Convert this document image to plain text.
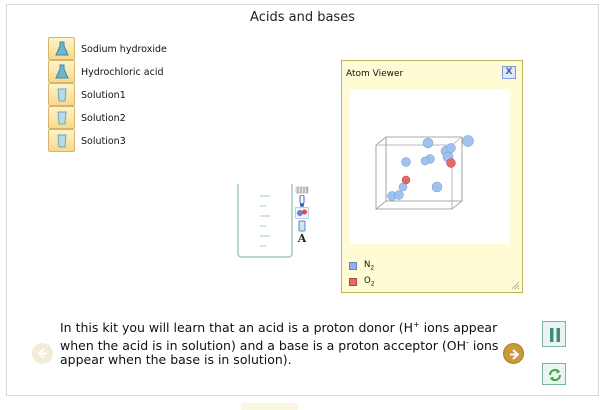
Acids and bases
Sodium hydroxide
Hydrochloric acid
Solution1
Solution2
Solution3
A
Atom Viewer	X
$N_2$
$O_2$
In this kit you will learn that an acid is a proton donor (H+ ions appear when the acid is in solution) and a base is a proton acceptor (OH- ions appear when the base is in solution).
